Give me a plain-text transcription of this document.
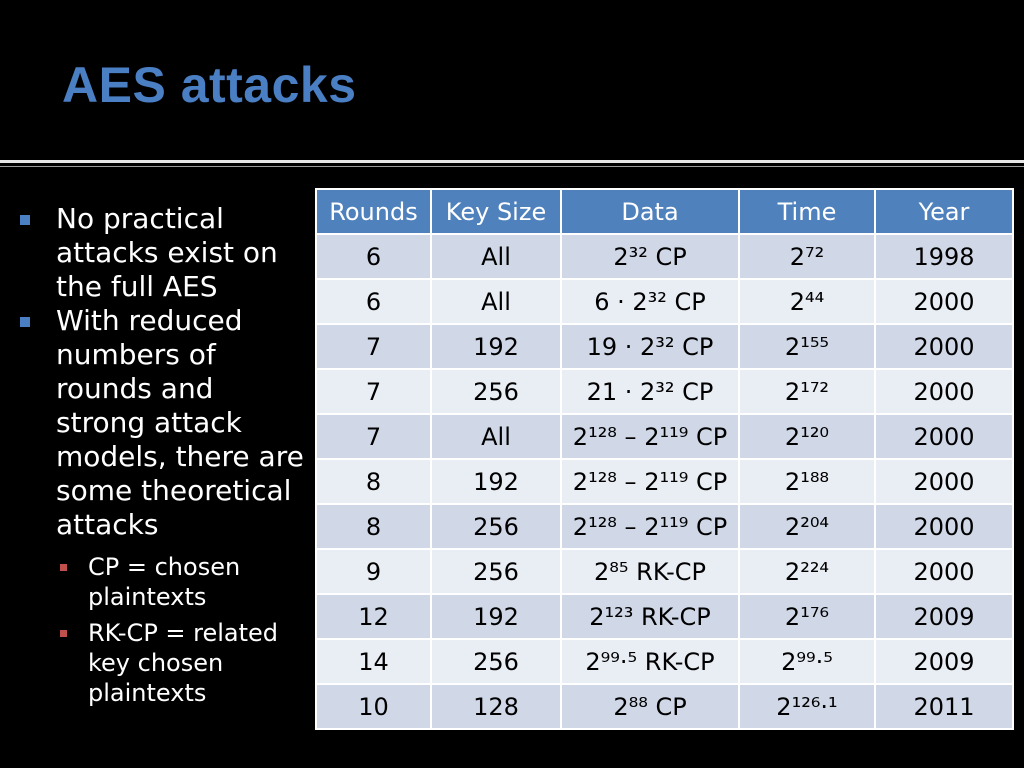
AES attacks
No practical attacks exist on the full AES
With reduced numbers of rounds and strong attack models, there are some theoretical attacks
CP = chosen plaintexts
RK-CP = related key chosen plaintexts
Rounds	Key Size	Data	Time	Year
6	All	2³² CP	2⁷²	1998
6	All	6 · 2³² CP	2⁴⁴	2000
7	192	19 · 2³² CP	2¹⁵⁵	2000
7	256	21 · 2³² CP	2¹⁷²	2000
7	All	2¹²⁸ – 2¹¹⁹ CP	2¹²⁰	2000
8	192	2¹²⁸ – 2¹¹⁹ CP	2¹⁸⁸	2000
8	256	2¹²⁸ – 2¹¹⁹ CP	2²⁰⁴	2000
9	256	2⁸⁵ RK-CP	2²²⁴	2000
12	192	2¹²³ RK-CP	2¹⁷⁶	2009
14	256	2⁹⁹·⁵ RK-CP	2⁹⁹·⁵	2009
10	128	2⁸⁸ CP	2¹²⁶·¹	2011
